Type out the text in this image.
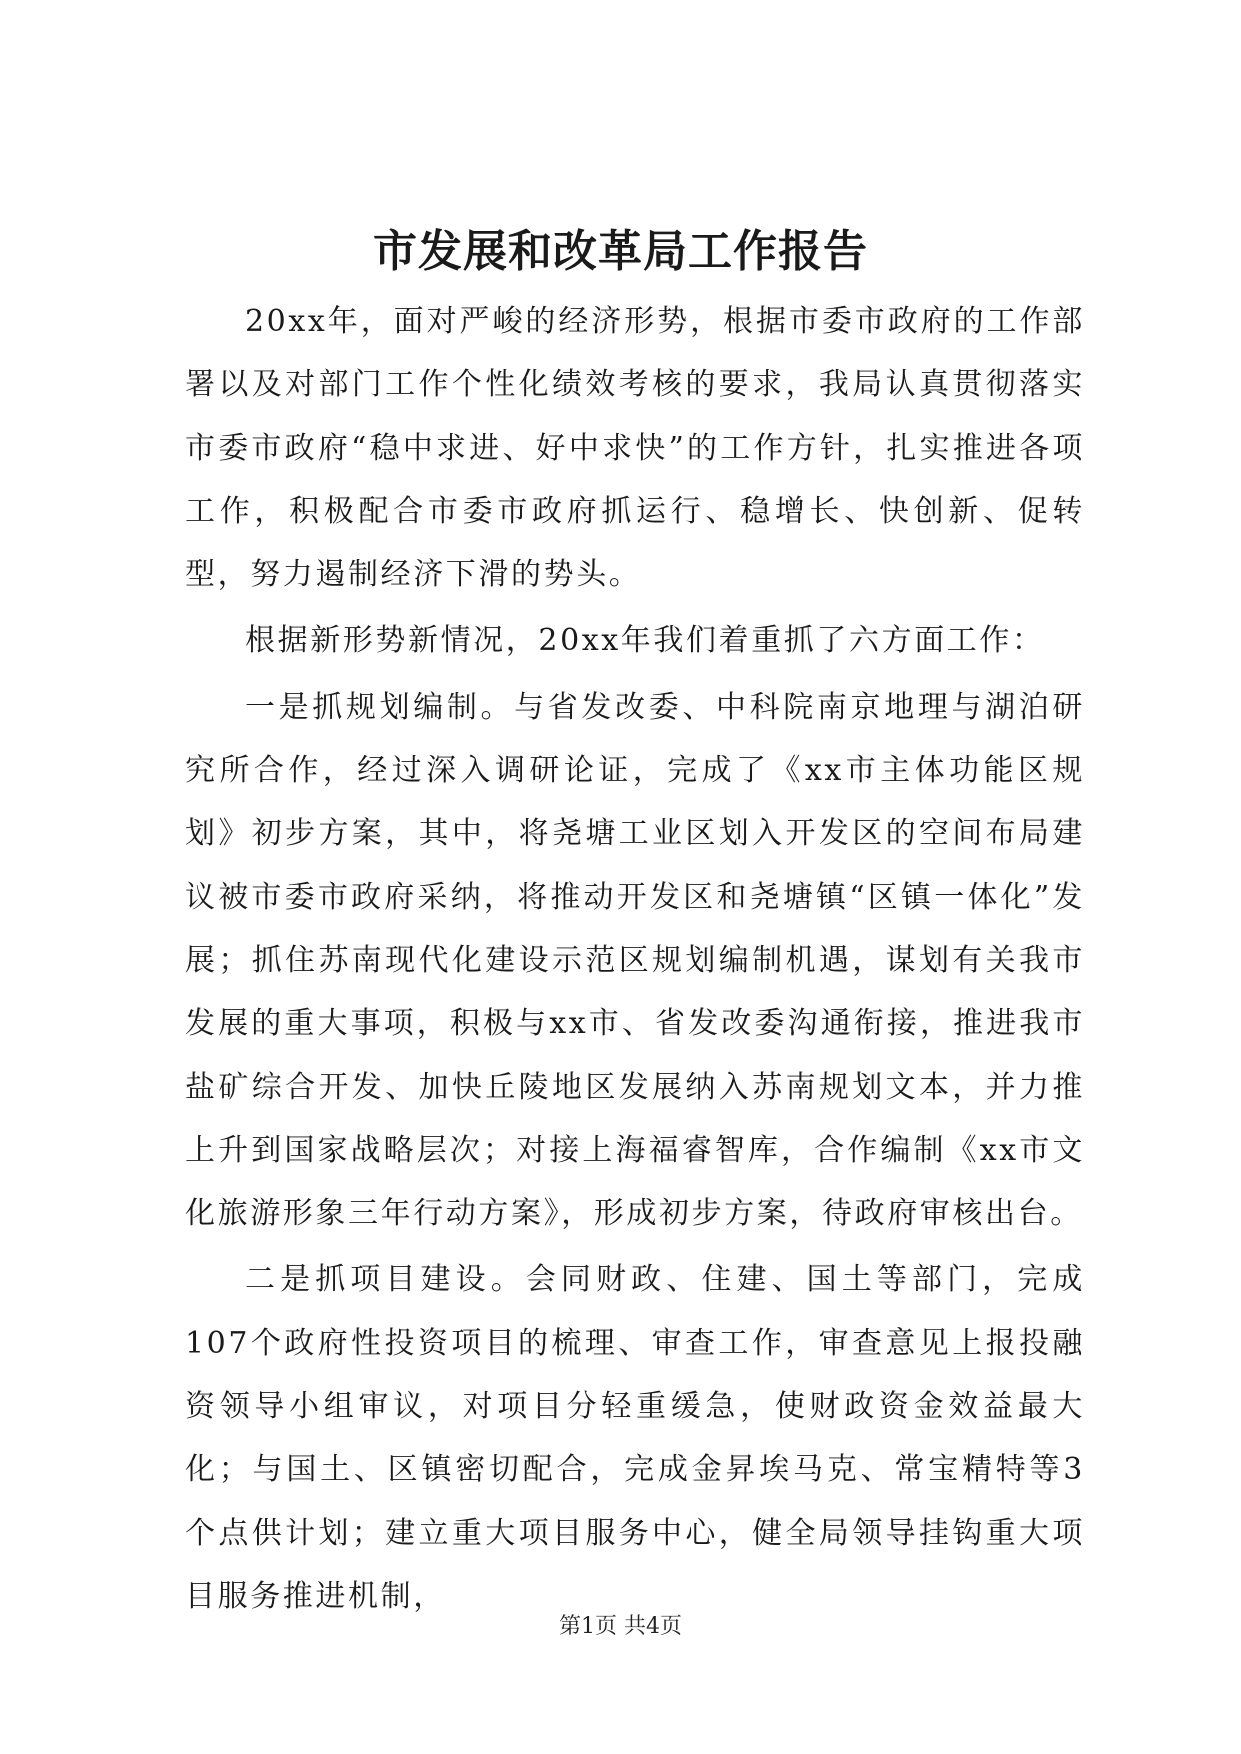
市发展和改革局工作报告

20xx年，面对严峻的经济形势，根据市委市政府的工作部署以及对部门工作个性化绩效考核的要求，我局认真贯彻落实市委市政府“稳中求进、好中求快”的工作方针，扎实推进各项工作，积极配合市委市政府抓运行、稳增长、快创新、促转型，努力遏制经济下滑的势头。

根据新形势新情况，20xx年我们着重抓了六方面工作：

一是抓规划编制。与省发改委、中科院南京地理与湖泊研究所合作，经过深入调研论证，完成了《xx市主体功能区规划》初步方案，其中，将尧塘工业区划入开发区的空间布局建议被市委市政府采纳，将推动开发区和尧塘镇“区镇一体化”发展；抓住苏南现代化建设示范区规划编制机遇，谋划有关我市发展的重大事项，积极与xx市、省发改委沟通衔接，推进我市盐矿综合开发、加快丘陵地区发展纳入苏南规划文本，并力推上升到国家战略层次；对接上海福睿智库，合作编制《xx市文化旅游形象三年行动方案》，形成初步方案，待政府审核出台。

二是抓项目建设。会同财政、住建、国土等部门，完成107个政府性投资项目的梳理、审查工作，审查意见上报投融资领导小组审议，对项目分轻重缓急，使财政资金效益最大化；与国土、区镇密切配合，完成金昇埃马克、常宝精特等3个点供计划；建立重大项目服务中心，健全局领导挂钩重大项目服务推进机制，

第1页 共4页
